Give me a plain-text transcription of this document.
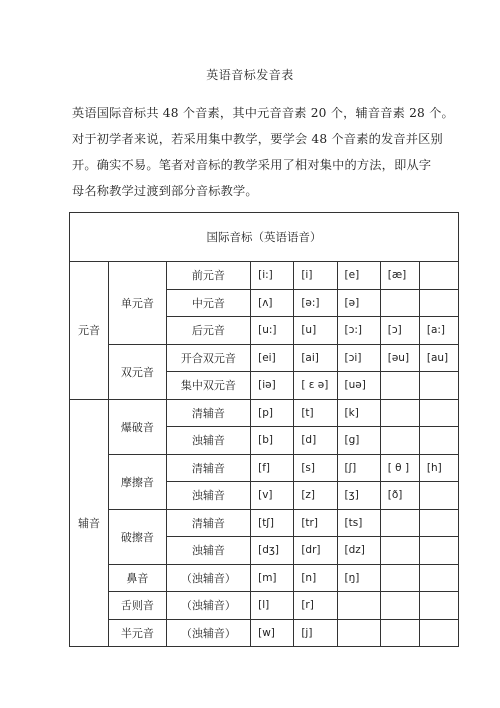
英语音标发音表

英语国际音标共 48 个音素，其中元音音素 20 个，辅音音素 28 个。

对于初学者来说，若采用集中教学，要学会 48 个音素的发音并区别

开。确实不易。笔者对音标的教学采用了相对集中的方法，即从字

母名称教学过渡到部分音标教学。

国际音标（英语语音）							
元音	单元音	前元音	[i:]	[i]	[e]	[æ]	
		中元音	[ʌ]	[ə:]	[ə]		
		后元音	[u:]	[u]	[ɔ:]	[ɔ]	[a:]
	双元音	开合双元音	[ei]	[ai]	[ɔi]	[əu]	[au]
		集中双元音	[iə]	[ ε ə]	[uə]		
辅音	爆破音	清辅音	[p]	[t]	[k]		
		浊辅音	[b]	[d]	[g]		
	摩擦音	清辅音	[f]	[s]	[ʃ]	[ θ ]	[h]
		浊辅音	[v]	[z]	[ʒ]	[ð]	
	破擦音	清辅音	[tʃ]	[tr]	[ts]		
		浊辅音	[dʒ]	[dr]	[dz]		
	鼻音	（浊辅音）	[m]	[n]	[ŋ]		
	舌则音	（浊辅音）	[l]	[r]			
	半元音	（浊辅音）	[w]	[j]			
